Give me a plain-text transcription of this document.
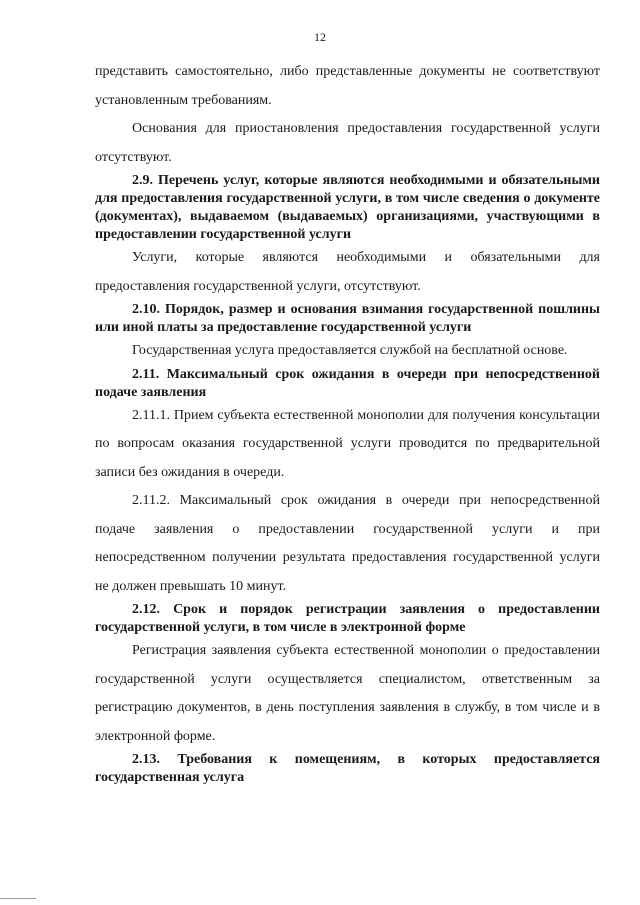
12

представить самостоятельно, либо представленные документы не соответствуют установленным требованиям.

Основания для приостановления предоставления государственной услуги отсутствуют.

2.9. Перечень услуг, которые являются необходимыми и обязательными для предоставления государственной услуги, в том числе сведения о документе (документах), выдаваемом (выдаваемых) организациями, участвующими в предоставлении государственной услуги

Услуги, которые являются необходимыми и обязательными для предоставления государственной услуги, отсутствуют.

2.10. Порядок, размер и основания взимания государственной пошлины или иной платы за предоставление государственной услуги

Государственная услуга предоставляется службой на бесплатной основе.

2.11. Максимальный срок ожидания в очереди при непосредственной подаче заявления

2.11.1. Прием субъекта естественной монополии для получения консультации по вопросам оказания государственной услуги проводится по предварительной записи без ожидания в очереди.

2.11.2. Максимальный срок ожидания в очереди при непосредственной подаче заявления о предоставлении государственной услуги и при непосредственном получении результата предоставления государственной услуги не должен превышать 10 минут.

2.12. Срок и порядок регистрации заявления о предоставлении государственной услуги, в том числе в электронной форме

Регистрация заявления субъекта естественной монополии о предоставлении государственной услуги осуществляется специалистом, ответственным за регистрацию документов, в день поступления заявления в службу, в том числе и в электронной форме.

2.13. Требования к помещениям, в которых предоставляется государственная услуга
